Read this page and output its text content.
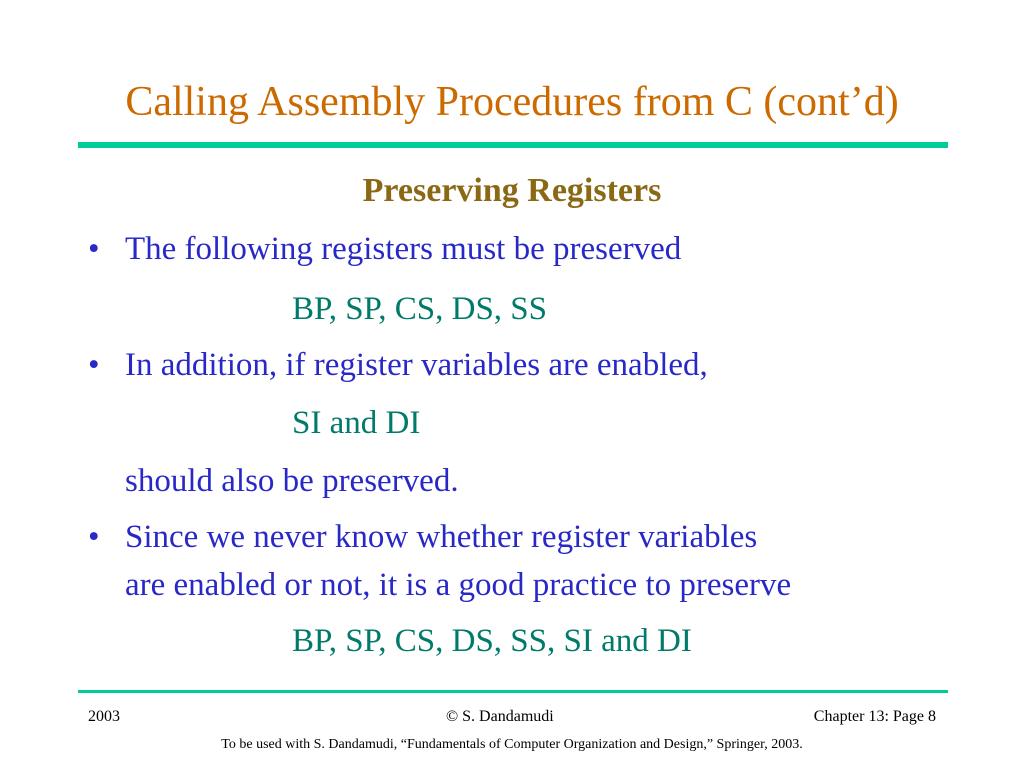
Calling Assembly Procedures from C (cont’d)
Preserving Registers
• The following registers must be preserved
BP, SP, CS, DS, SS
• In addition, if register variables are enabled,
SI and DI
should also be preserved.
• Since we never know whether register variables
are enabled or not, it is a good practice to preserve
BP, SP, CS, DS, SS, SI and DI
2003	© S. Dandamudi	Chapter 13: Page 8
To be used with S. Dandamudi, “Fundamentals of Computer Organization and Design,” Springer, 2003.
